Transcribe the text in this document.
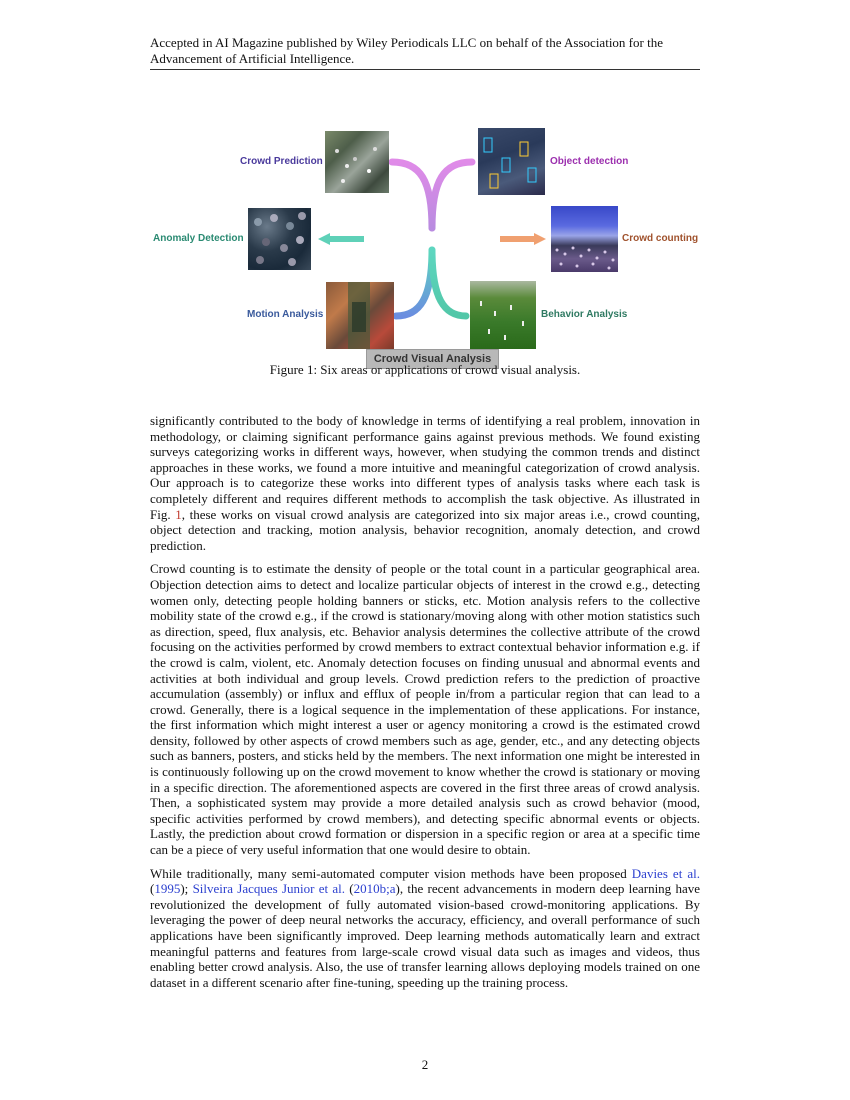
Accepted in AI Magazine published by Wiley Periodicals LLC on behalf of the Association for the
Advancement of Artificial Intelligence.
Crowd Visual Analysis
Crowd Prediction	Object detection
Anomaly Detection	Crowd counting
Motion Analysis	Behavior Analysis
Figure 1: Six areas or applications of crowd visual analysis.

significantly contributed to the body of knowledge in terms of identifying a real problem, innovation in methodology, or claiming significant performance gains against previous methods. We found existing surveys categorizing works in different ways, however, when studying the common trends and distinct approaches in these works, we found a more intuitive and meaningful categorization of crowd analysis. Our approach is to categorize these works into different types of analysis tasks where each task is completely different and requires different methods to accomplish the task objective. As illustrated in Fig. 1, these works on visual crowd analysis are categorized into six major areas i.e., crowd counting, object detection and tracking, motion analysis, behavior recognition, anomaly detection, and crowd prediction.

Crowd counting is to estimate the density of people or the total count in a particular geographical area. Objection detection aims to detect and localize particular objects of interest in the crowd e.g., detecting women only, detecting people holding banners or sticks, etc. Motion analysis refers to the collective mobility state of the crowd e.g., if the crowd is stationary/moving along with other motion statistics such as direction, speed, flux analysis, etc. Behavior analysis determines the collective attribute of the crowd focusing on the activities performed by crowd members to extract contextual behavior information e.g. if the crowd is calm, violent, etc. Anomaly detection focuses on finding unusual and abnormal events and activities at both individual and group levels. Crowd prediction refers to the prediction of proactive accumulation (assembly) or influx and efflux of people in/from a particular region that can lead to a crowd. Generally, there is a logical sequence in the implementation of these applications. For instance, the first information which might interest a user or agency monitoring a crowd is the estimated crowd density, followed by other aspects of crowd members such as age, gender, etc., and any detecting objects such as banners, posters, and sticks held by the members. The next information one might be interested in is continuously following up on the crowd movement to know whether the crowd is stationary or moving in a specific direction. The aforementioned aspects are covered in the first three areas of crowd analysis. Then, a sophisticated system may provide a more detailed analysis such as crowd behavior (mood, specific activities performed by crowd members), and detecting specific abnormal events or objects. Lastly, the prediction about crowd formation or dispersion in a specific region or area at a specific time can be a piece of very useful information that one would desire to obtain.

While traditionally, many semi-automated computer vision methods have been proposed Davies et al. (1995); Silveira Jacques Junior et al. (2010b;a), the recent advancements in modern deep learning have revolutionized the development of fully automated vision-based crowd-monitoring applications. By leveraging the power of deep neural networks the accuracy, efficiency, and overall performance of such applications have been significantly improved. Deep learning methods automatically learn and extract meaningful patterns and features from large-scale crowd visual data such as images and videos, thus enabling better crowd analysis. Also, the use of transfer learning allows deploying models trained on one dataset in a different scenario after fine-tuning, speeding up the training process.

2
